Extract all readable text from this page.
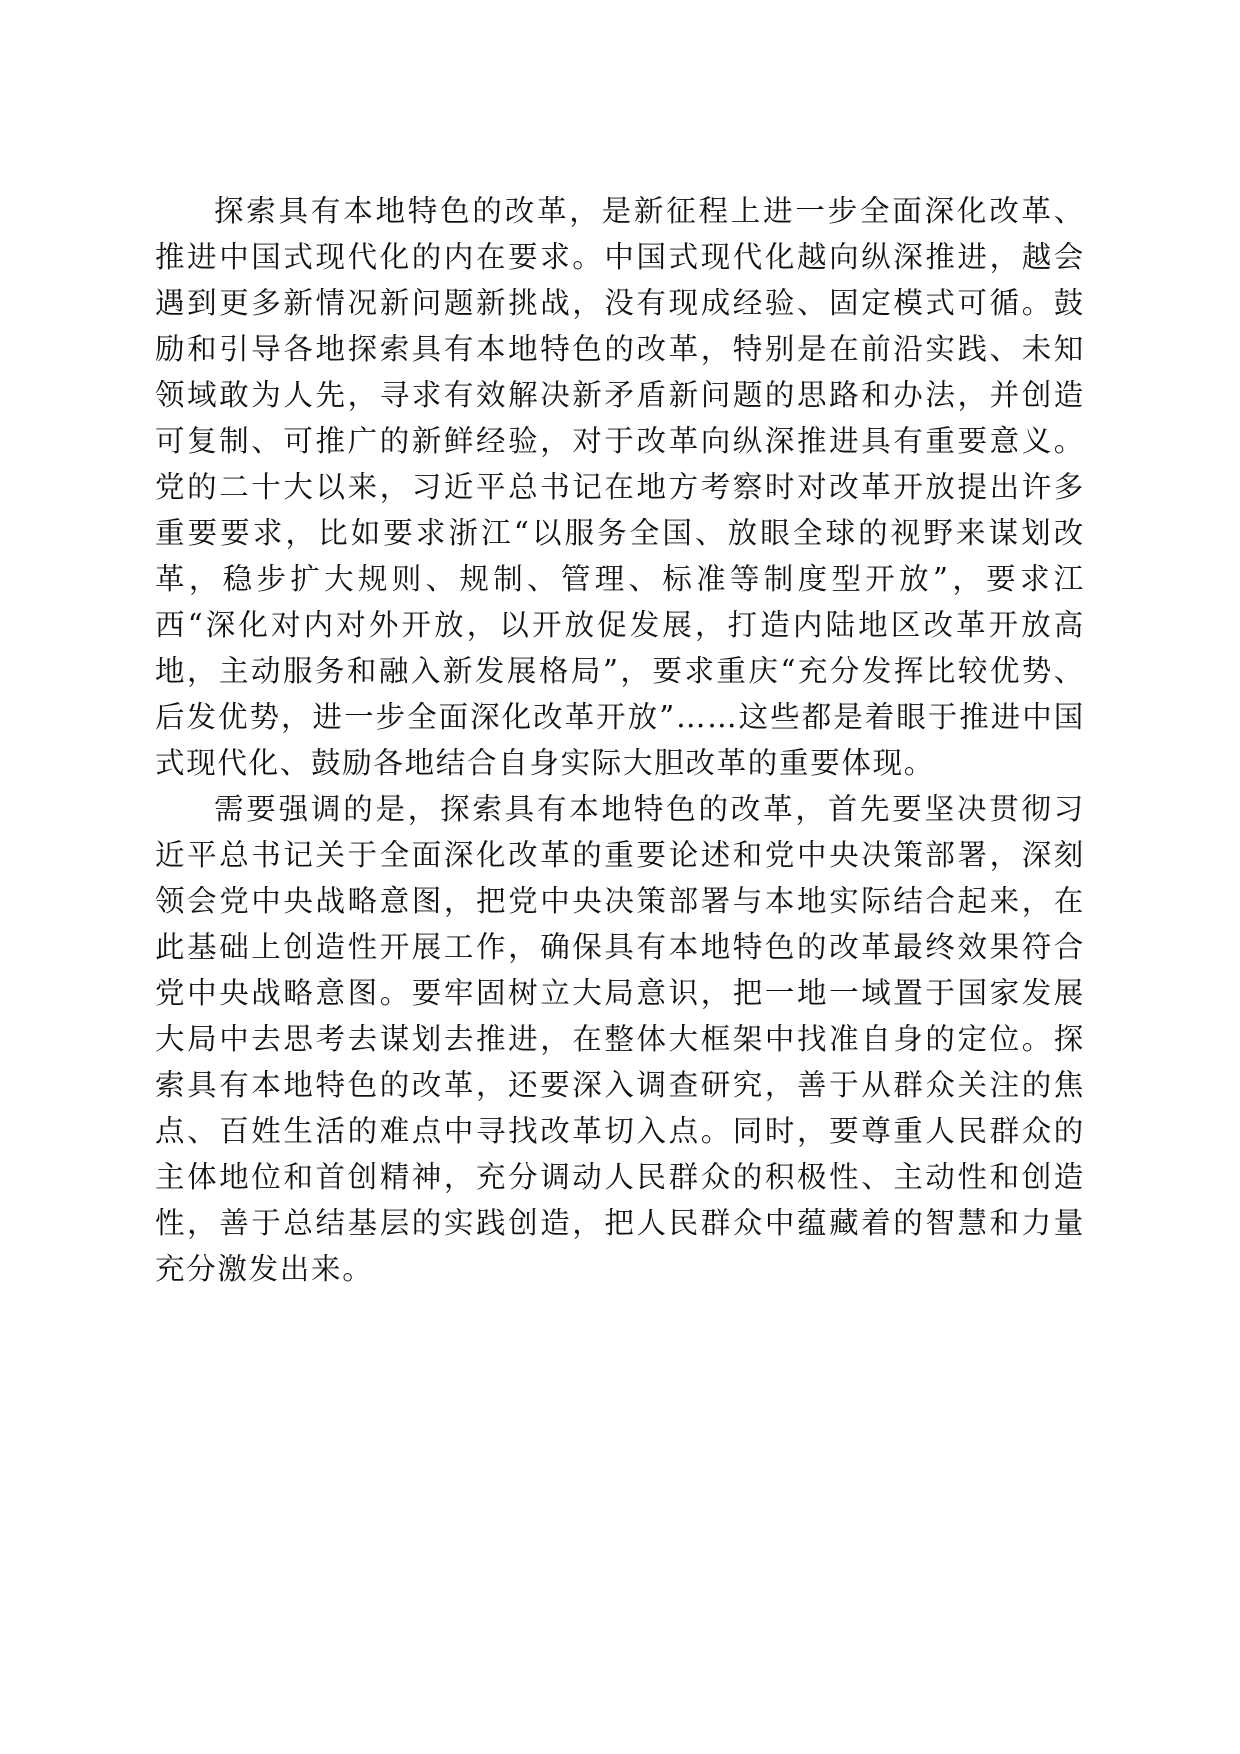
探索具有本地特色的改革，是新征程上进一步全面深化改革、推进中国式现代化的内在要求。中国式现代化越向纵深推进，越会遇到更多新情况新问题新挑战，没有现成经验、固定模式可循。鼓励和引导各地探索具有本地特色的改革，特别是在前沿实践、未知领域敢为人先，寻求有效解决新矛盾新问题的思路和办法，并创造可复制、可推广的新鲜经验，对于改革向纵深推进具有重要意义。党的二十大以来，习近平总书记在地方考察时对改革开放提出许多重要要求，比如要求浙江“以服务全国、放眼全球的视野来谋划改革，稳步扩大规则、规制、管理、标准等制度型开放”，要求江西“深化对内对外开放，以开放促发展，打造内陆地区改革开放高地，主动服务和融入新发展格局”，要求重庆“充分发挥比较优势、后发优势，进一步全面深化改革开放”……这些都是着眼于推进中国式现代化、鼓励各地结合自身实际大胆改革的重要体现。

需要强调的是，探索具有本地特色的改革，首先要坚决贯彻习近平总书记关于全面深化改革的重要论述和党中央决策部署，深刻领会党中央战略意图，把党中央决策部署与本地实际结合起来，在此基础上创造性开展工作，确保具有本地特色的改革最终效果符合党中央战略意图。要牢固树立大局意识，把一地一域置于国家发展大局中去思考去谋划去推进，在整体大框架中找准自身的定位。探索具有本地特色的改革，还要深入调查研究，善于从群众关注的焦点、百姓生活的难点中寻找改革切入点。同时，要尊重人民群众的主体地位和首创精神，充分调动人民群众的积极性、主动性和创造性，善于总结基层的实践创造，把人民群众中蕴藏着的智慧和力量充分激发出来。
